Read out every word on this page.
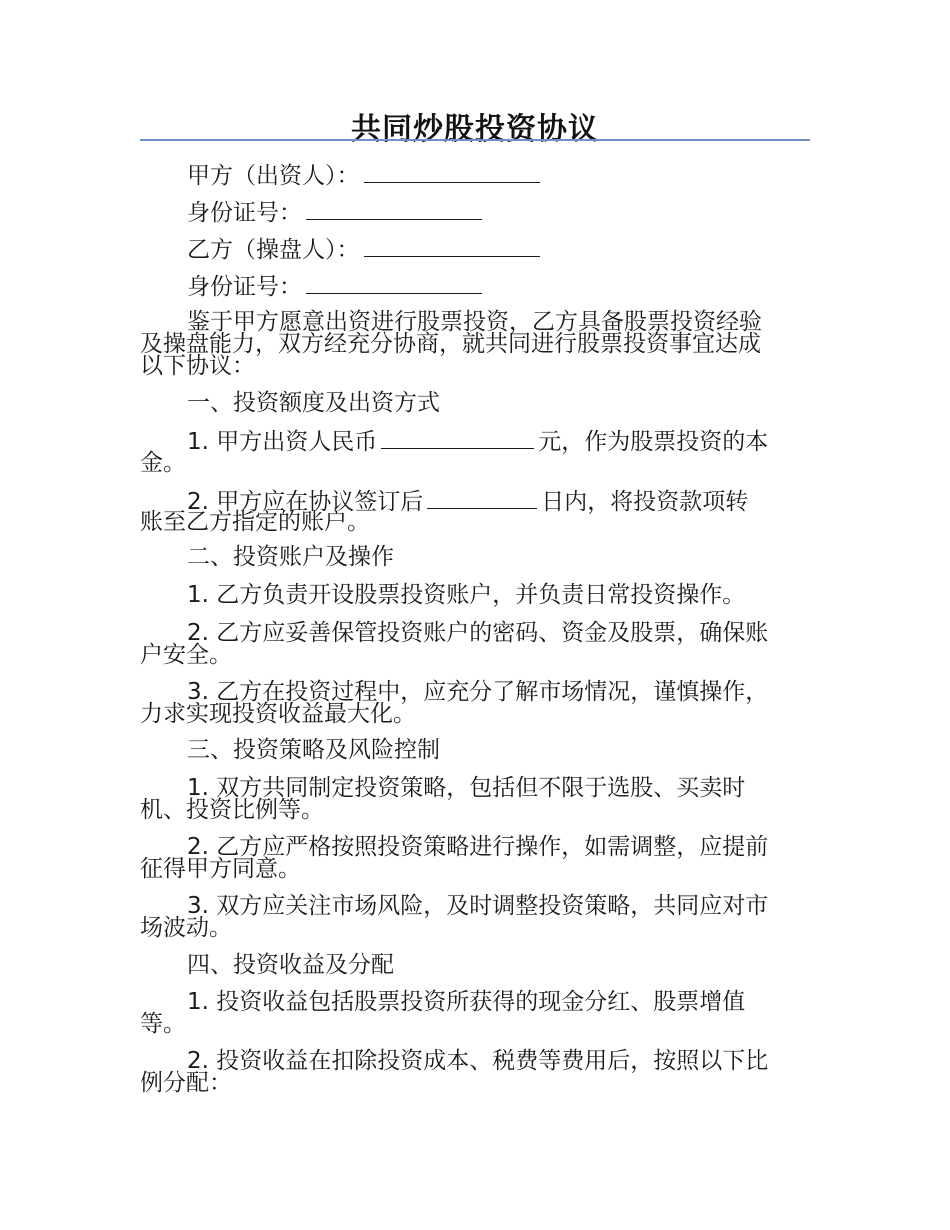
共同炒股投资协议
甲方（出资人）：
身份证号：
乙方（操盘人）：
身份证号：
鉴于甲方愿意出资进行股票投资，乙方具备股票投资经验
及操盘能力，双方经充分协商，就共同进行股票投资事宜达成
以下协议：
一、投资额度及出资方式
1. 甲方出资人民币	元，作为股票投资的本
金。
2. 甲方应在协议签订后	日内，将投资款项转
账至乙方指定的账户。
二、投资账户及操作
1. 乙方负责开设股票投资账户，并负责日常投资操作。
2. 乙方应妥善保管投资账户的密码、资金及股票，确保账
户安全。
3. 乙方在投资过程中，应充分了解市场情况，谨慎操作，
力求实现投资收益最大化。
三、投资策略及风险控制
1. 双方共同制定投资策略，包括但不限于选股、买卖时
机、投资比例等。
2. 乙方应严格按照投资策略进行操作，如需调整，应提前
征得甲方同意。
3. 双方应关注市场风险，及时调整投资策略，共同应对市
场波动。
四、投资收益及分配
1. 投资收益包括股票投资所获得的现金分红、股票增值
等。
2. 投资收益在扣除投资成本、税费等费用后，按照以下比
例分配：
